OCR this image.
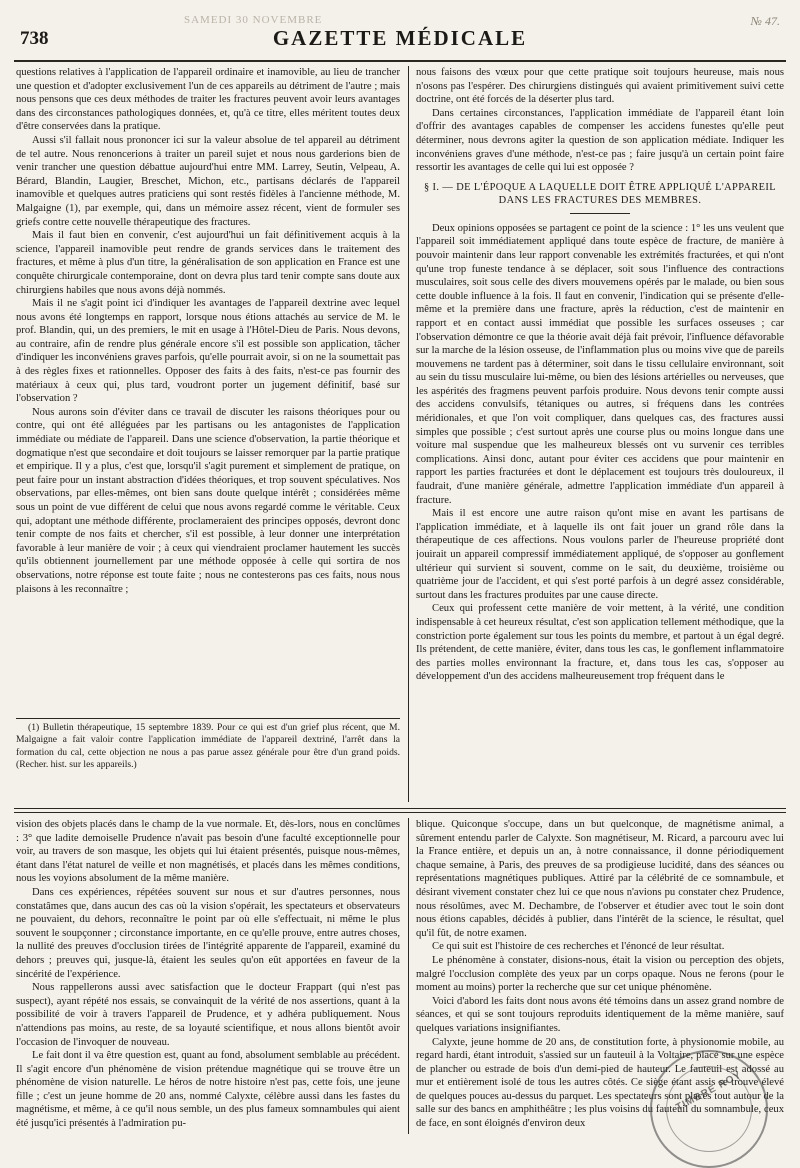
738
SAMEDI 30 NOVEMBRE
GAZETTE MÉDICALE
№ 47.

questions relatives à l'application de l'appareil ordinaire et inamovible, au lieu de trancher une question et d'adopter exclusivement l'un de ces appareils au détriment de l'autre ; mais nous pensons que ces deux méthodes de traiter les fractures peuvent avoir leurs avantages dans des circonstances pathologiques données, et, qu'à ce titre, elles méritent toutes deux d'être conservées dans la pratique.

Aussi s'il fallait nous prononcer ici sur la valeur absolue de tel appareil au détriment de tel autre. Nous renoncerions à traiter un pareil sujet et nous nous garderions bien de venir trancher une question débattue aujourd'hui entre MM. Larrey, Seutin, Velpeau, A. Bérard, Blandin, Laugier, Breschet, Michon, etc., partisans déclarés de l'appareil inamovible et quelques autres praticiens qui sont restés fidèles à l'ancienne méthode, M. Malgaigne (1), par exemple, qui, dans un mémoire assez récent, vient de formuler ses griefs contre cette nouvelle thérapeutique des fractures.

Mais il faut bien en convenir, c'est aujourd'hui un fait définitivement acquis à la science, l'appareil inamovible peut rendre de grands services dans le traitement des fractures, et même à plus d'un titre, la généralisation de son application en France est une conquête chirurgicale contemporaine, dont on devra plus tard tenir compte sans doute aux chirurgiens habiles que nous avons déjà nommés.

Mais il ne s'agit point ici d'indiquer les avantages de l'appareil dextrine avec lequel nous avons été longtemps en rapport, lorsque nous étions attachés au service de M. le prof. Blandin, qui, un des premiers, le mit en usage à l'Hôtel-Dieu de Paris. Nous devons, au contraire, afin de rendre plus générale encore s'il est possible son application, tâcher d'indiquer les inconvéniens graves parfois, qu'elle pourrait avoir, si on ne la soumettait pas à des règles fixes et rationnelles. Opposer des faits à des faits, n'est-ce pas fournir des matériaux à ceux qui, plus tard, voudront porter un jugement définitif, basé sur l'observation ?

Nous aurons soin d'éviter dans ce travail de discuter les raisons théoriques pour ou contre, qui ont été alléguées par les partisans ou les antagonistes de l'application immédiate ou médiate de l'appareil. Dans une science d'observation, la partie théorique et dogmatique n'est que secondaire et doit toujours se laisser remorquer par la partie pratique et empirique. Il y a plus, c'est que, lorsqu'il s'agit purement et simplement de pratique, on peut faire pour un instant abstraction d'idées théoriques, et trop souvent spéculatives. Nos observations, par elles-mêmes, ont bien sans doute quelque intérêt ; considérées même sous un point de vue différent de celui que nous avons regardé comme le véritable. Ceux qui, adoptant une méthode différente, proclameraient des principes opposés, devront donc tenir compte de nos faits et chercher, s'il est possible, à leur donner une interprétation favorable à leur manière de voir ; à ceux qui viendraient proclamer hautement les succès qu'ils obtiennent journellement par une méthode opposée à celle qui sortira de nos observations, notre réponse est toute faite ; nous ne contesterons pas ces faits, nous nous plaisons à les reconnaître ;

(1) Bulletin thérapeutique, 15 septembre 1839. Pour ce qui est d'un grief plus récent, que M. Malgaigne a fait valoir contre l'application immédiate de l'appareil dextriné, l'arrêt dans la formation du cal, cette objection ne nous a pas parue assez générale pour être d'un grand poids. (Recher. hist. sur les appareils.)

nous faisons des vœux pour que cette pratique soit toujours heureuse, mais nous n'osons pas l'espérer. Des chirurgiens distingués qui avaient primitivement suivi cette doctrine, ont été forcés de la déserter plus tard.

Dans certaines circonstances, l'application immédiate de l'appareil étant loin d'offrir des avantages capables de compenser les accidens funestes qu'elle peut déterminer, nous devrons agiter la question de son application médiate. Indiquer les inconvéniens graves d'une méthode, n'est-ce pas ; faire jusqu'à un certain point faire ressortir les avantages de celle qui lui est opposée ?

§ I. — DE L'ÉPOQUE A LAQUELLE DOIT ÊTRE APPLIQUÉ L'APPAREIL DANS LES FRACTURES DES MEMBRES.

Deux opinions opposées se partagent ce point de la science : 1° les uns veulent que l'appareil soit immédiatement appliqué dans toute espèce de fracture, de manière à pouvoir maintenir dans leur rapport convenable les extrémités fracturées, et qui n'ont qu'une trop funeste tendance à se déplacer, soit sous l'influence des contractions musculaires, soit sous celle des divers mouvemens opérés par le malade, ou bien sous cette double influence à la fois. Il faut en convenir, l'indication qui se présente d'elle-même et la première dans une fracture, après la réduction, c'est de maintenir en rapport et en contact aussi immédiat que possible les surfaces osseuses ; car l'observation démontre ce que la théorie avait déjà fait prévoir, l'influence défavorable sur la marche de la lésion osseuse, de l'inflammation plus ou moins vive que de pareils mouvemens ne tardent pas à déterminer, soit dans le tissu cellulaire environnant, soit au sein du tissu musculaire lui-même, ou bien des lésions artérielles ou nerveuses, que les aspérités des fragmens peuvent parfois produire. Nous devons tenir compte aussi des accidens convulsifs, tétaniques ou autres, si fréquens dans les contrées méridionales, et que l'on voit compliquer, dans quelques cas, des fractures aussi simples que possible ; c'est surtout après une course plus ou moins longue dans une voiture mal suspendue que les malheureux blessés ont vu survenir ces terribles complications. Ainsi donc, autant pour éviter ces accidens que pour maintenir en rapport les parties fracturées et dont le déplacement est toujours très douloureux, il faudrait, d'une manière générale, admettre l'application immédiate d'un appareil à fracture.

Mais il est encore une autre raison qu'ont mise en avant les partisans de l'application immédiate, et à laquelle ils ont fait jouer un grand rôle dans la thérapeutique de ces affections. Nous voulons parler de l'heureuse propriété dont jouirait un appareil compressif immédiatement appliqué, de s'opposer au gonflement ultérieur qui survient si souvent, comme on le sait, du deuxième, troisième ou quatrième jour de l'accident, et qui s'est porté parfois à un degré assez considérable, surtout dans les fractures produites par une cause directe.

Ceux qui professent cette manière de voir mettent, à la vérité, une condition indispensable à cet heureux résultat, c'est son application tellement méthodique, que la constriction porte également sur tous les points du membre, et partout à un égal degré. Ils prétendent, de cette manière, éviter, dans tous les cas, le gonflement inflammatoire des parties molles environnant la fracture, et, dans tous les cas, s'opposer au développement d'un des accidens malheureusement trop fréquent dans le

vision des objets placés dans le champ de la vue normale. Et, dès-lors, nous en conclûmes : 3° que ladite demoiselle Prudence n'avait pas besoin d'une faculté exceptionnelle pour voir, au travers de son masque, les objets qui lui étaient présentés, puisque nous-mêmes, étant dans l'état naturel de veille et non magnétisés, et placés dans les mêmes conditions, nous les voyions absolument de la même manière.

Dans ces expériences, répétées souvent sur nous et sur d'autres personnes, nous constatâmes que, dans aucun des cas où la vision s'opérait, les spectateurs et observateurs ne pouvaient, du dehors, reconnaître le point par où elle s'effectuait, ni même le plus souvent le soupçonner ; circonstance importante, en ce qu'elle prouve, entre autres choses, la nullité des preuves d'occlusion tirées de l'intégrité apparente de l'appareil, examiné du dehors ; preuves qui, jusque-là, étaient les seules qu'on eût apportées en faveur de la sincérité de l'expérience.

Nous rappellerons aussi avec satisfaction que le docteur Frappart (qui n'est pas suspect), ayant répété nos essais, se convainquit de la vérité de nos assertions, quant à la possibilité de voir à travers l'appareil de Prudence, et y adhéra publiquement. Nous n'attendions pas moins, au reste, de sa loyauté scientifique, et nous allons bientôt avoir l'occasion de l'invoquer de nouveau.

Le fait dont il va être question est, quant au fond, absolument semblable au précédent. Il s'agit encore d'un phénomène de vision prétendue magnétique qui se trouve être un phénomène de vision naturelle. Le héros de notre histoire n'est pas, cette fois, une jeune fille ; c'est un jeune homme de 20 ans, nommé Calyxte, célèbre aussi dans les fastes du magnétisme, et même, à ce qu'il nous semble, un des plus fameux somnambules qui aient été jusqu'ici présentés à l'admiration pu-

blique. Quiconque s'occupe, dans un but quelconque, de magnétisme animal, a sûrement entendu parler de Calyxte. Son magnétiseur, M. Ricard, a parcouru avec lui la France entière, et depuis un an, à notre connaissance, il donne périodiquement chaque semaine, à Paris, des preuves de sa prodigieuse lucidité, dans des séances ou représentations magnétiques publiques. Attiré par la célébrité de ce somnambule, et désirant vivement constater chez lui ce que nous n'avions pu constater chez Prudence, nous résolûmes, avec M. Dechambre, de l'observer et étudier avec tout le soin dont nous étions capables, décidés à publier, dans l'intérêt de la science, le résultat, quel qu'il fût, de notre examen.

Ce qui suit est l'histoire de ces recherches et l'énoncé de leur résultat.

Le phénomène à constater, disions-nous, était la vision ou perception des objets, malgré l'occlusion complète des yeux par un corps opaque. Nous ne ferons (pour le moment au moins) porter la recherche que sur cet unique phénomène.

Voici d'abord les faits dont nous avons été témoins dans un assez grand nombre de séances, et qui se sont toujours reproduits identiquement de la même manière, sauf quelques variations insignifiantes.

Calyxte, jeune homme de 20 ans, de constitution forte, à physionomie mobile, au regard hardi, étant introduit, s'assied sur un fauteuil à la Voltaire, placé sur une espèce de plancher ou estrade de bois d'un demi-pied de hauteur. Le fauteuil est adossé au mur et entièrement isolé de tous les autres côtés. Ce siège étant assis se trouve élevé de quelques pouces au-dessus du parquet. Les spectateurs sont placés tout autour de la salle sur des bancs en amphithéâtre ; les plus voisins du fauteuil du somnambule, ceux de face, en sont éloignés d'environ deux

TIMBRE ROY
